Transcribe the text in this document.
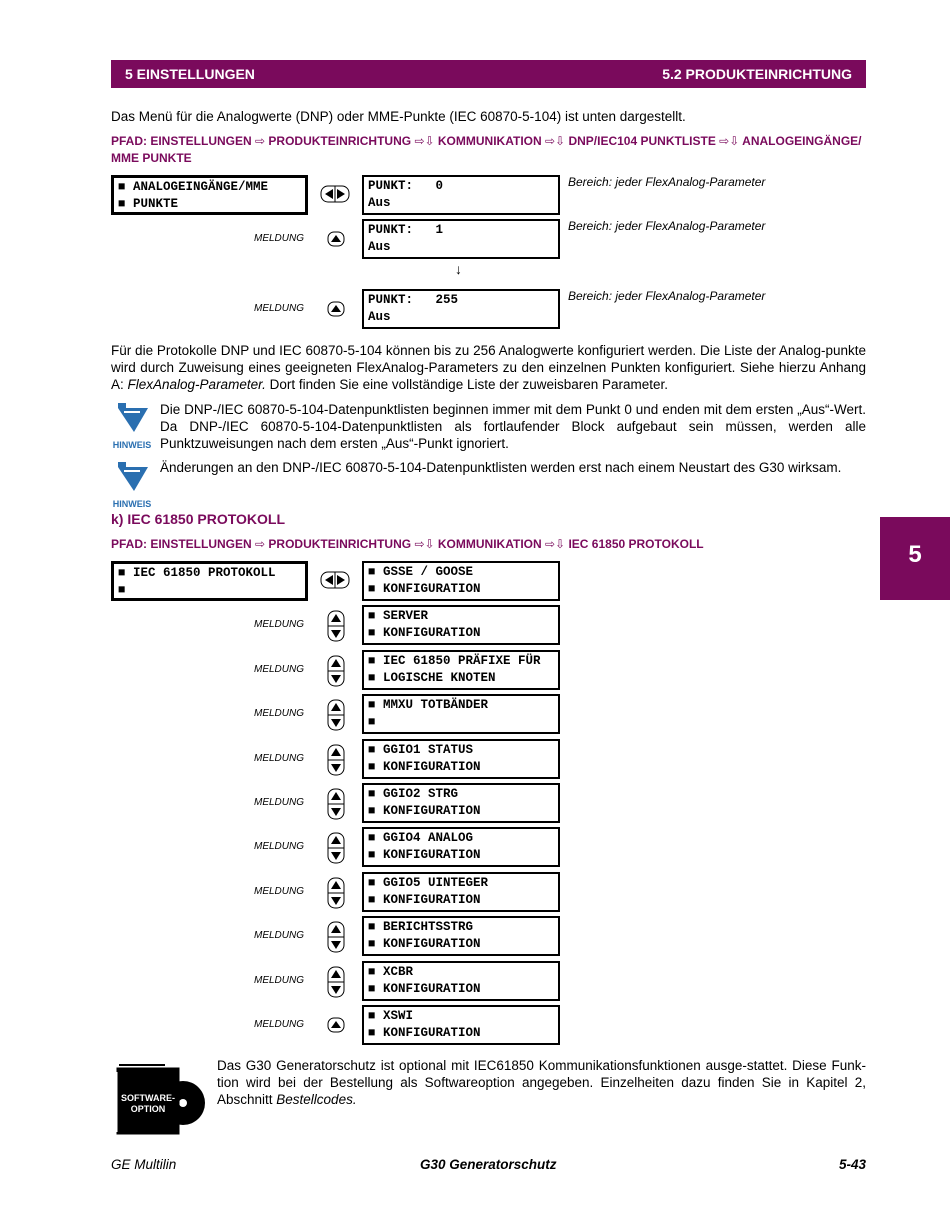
5 EINSTELLUNGEN	5.2 PRODUKTEINRICHTUNG
5
Das Menü für die Analogwerte (DNP) oder MME-Punkte (IEC 60870-5-104) ist unten dargestellt.
PFAD: EINSTELLUNGEN ⇨ PRODUKTEINRICHTUNG ⇨⇩ KOMMUNIKATION ⇨⇩ DNP/IEC104 PUNKTLISTE ⇨⇩ ANALOGEINGÄNGE/
MME PUNKTE
■ ANALOGEINGÄNGE/MME
■ PUNKTE
PUNKT:   0
Aus
Bereich: jeder FlexAnalog-Parameter
MELDUNG
PUNKT:   1
Aus
Bereich: jeder FlexAnalog-Parameter
↓
MELDUNG
PUNKT:   255
Aus
Bereich: jeder FlexAnalog-Parameter
Für die Protokolle DNP und IEC 60870-5-104 können bis zu 256 Analogwerte konfiguriert werden. Die Liste der Analog-punkte wird durch Zuweisung eines geeigneten FlexAnalog-Parameters zu den einzelnen Punkten konfiguriert. Siehe hierzu Anhang A: FlexAnalog-Parameter. Dort finden Sie eine vollständige Liste der zuweisbaren Parameter.
HINWEIS
Die DNP-/IEC 60870-5-104-Datenpunktlisten beginnen immer mit dem Punkt 0 und enden mit dem ersten „Aus“-Wert. Da DNP-/IEC 60870-5-104-Datenpunktlisten als fortlaufender Block aufgebaut sein müssen, werden alle Punktzuweisungen nach dem ersten „Aus“-Punkt ignoriert.
HINWEIS
Änderungen an den DNP-/IEC 60870-5-104-Datenpunktlisten werden erst nach einem Neustart des G30 wirksam.
k) IEC 61850 PROTOKOLL
PFAD: EINSTELLUNGEN ⇨ PRODUKTEINRICHTUNG ⇨⇩ KOMMUNIKATION ⇨⇩ IEC 61850 PROTOKOLL
■ IEC 61850 PROTOKOLL
■
■ GSSE / GOOSE
■ KONFIGURATION
■ SERVER
■ KONFIGURATION
MELDUNG
■ IEC 61850 PRÄFIXE FÜR
■ LOGISCHE KNOTEN
MELDUNG
■ MMXU TOTBÄNDER
■
MELDUNG
■ GGIO1 STATUS
■ KONFIGURATION
MELDUNG
■ GGIO2 STRG
■ KONFIGURATION
MELDUNG
■ GGIO4 ANALOG
■ KONFIGURATION
MELDUNG
■ GGIO5 UINTEGER
■ KONFIGURATION
MELDUNG
■ BERICHTSSTRG
■ KONFIGURATION
MELDUNG
■ XCBR
■ KONFIGURATION
MELDUNG
■ XSWI
■ KONFIGURATION
MELDUNG
SOFTWARE-
OPTION
Das G30 Generatorschutz ist optional mit IEC61850 Kommunikationsfunktionen ausge-stattet. Diese Funk-tion wird bei der Bestellung als Softwareoption angegeben. Einzelheiten dazu finden Sie in Kapitel 2, Abschnitt Bestellcodes.
GE Multilin	G30 Generatorschutz	5-43
